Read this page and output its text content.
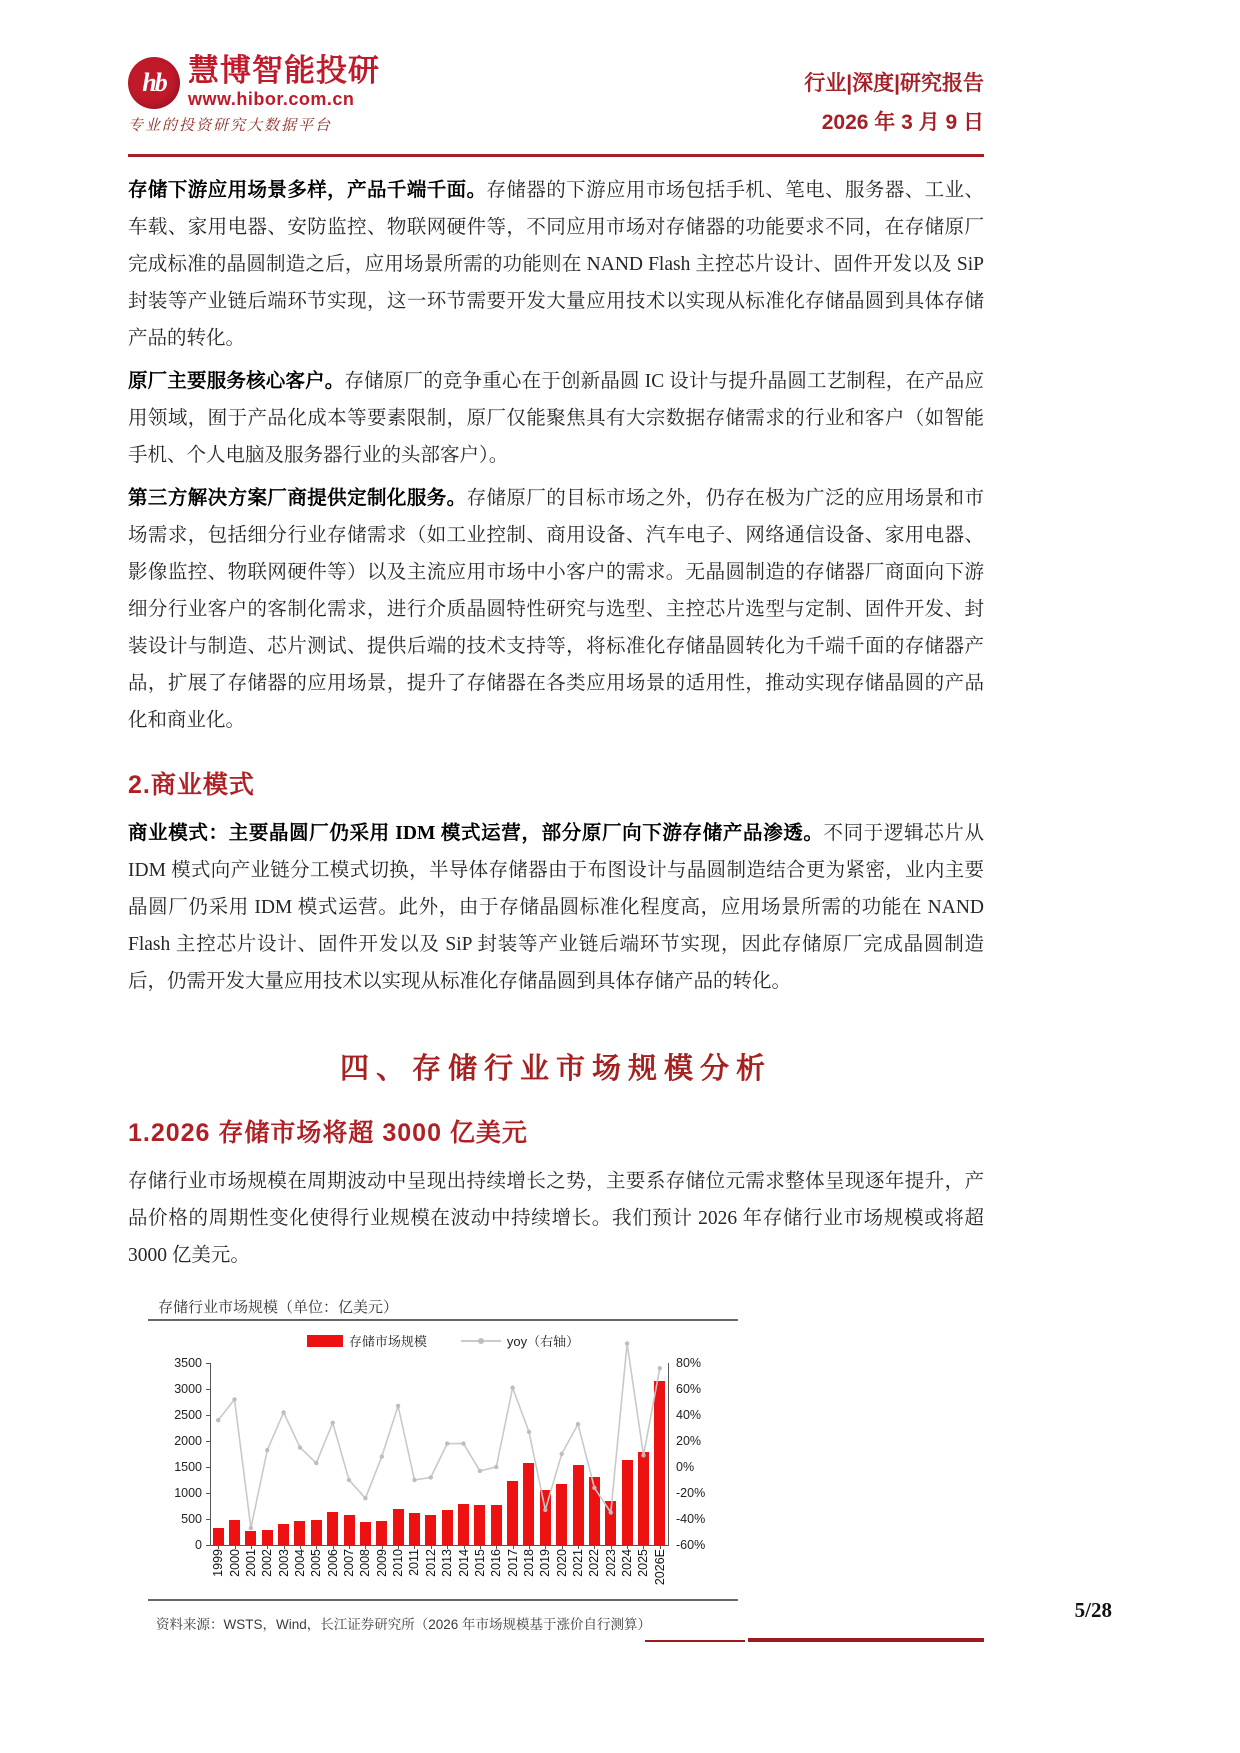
hb
慧博智能投研
www.hibor.com.cn
专业的投资研究大数据平台
行业|深度|研究报告
2026 年 3 月 9 日

存储下游应用场景多样，产品千端千面。存储器的下游应用市场包括手机、笔电、服务器、工业、车载、家用电器、安防监控、物联网硬件等，不同应用市场对存储器的功能要求不同，在存储原厂完成标准的晶圆制造之后，应用场景所需的功能则在 NAND Flash 主控芯片设计、固件开发以及 SiP 封装等产业链后端环节实现，这一环节需要开发大量应用技术以实现从标准化存储晶圆到具体存储产品的转化。

原厂主要服务核心客户。存储原厂的竞争重心在于创新晶圆 IC 设计与提升晶圆工艺制程，在产品应用领域，囿于产品化成本等要素限制，原厂仅能聚焦具有大宗数据存储需求的行业和客户（如智能手机、个人电脑及服务器行业的头部客户）。

第三方解决方案厂商提供定制化服务。存储原厂的目标市场之外，仍存在极为广泛的应用场景和市场需求，包括细分行业存储需求（如工业控制、商用设备、汽车电子、网络通信设备、家用电器、影像监控、物联网硬件等）以及主流应用市场中小客户的需求。无晶圆制造的存储器厂商面向下游细分行业客户的客制化需求，进行介质晶圆特性研究与选型、主控芯片选型与定制、固件开发、封装设计与制造、芯片测试、提供后端的技术支持等，将标准化存储晶圆转化为千端千面的存储器产品，扩展了存储器的应用场景，提升了存储器在各类应用场景的适用性，推动实现存储晶圆的产品化和商业化。

2.商业模式

商业模式：主要晶圆厂仍采用 IDM 模式运营，部分原厂向下游存储产品渗透。不同于逻辑芯片从 IDM 模式向产业链分工模式切换，半导体存储器由于布图设计与晶圆制造结合更为紧密，业内主要晶圆厂仍采用 IDM 模式运营。此外，由于存储晶圆标准化程度高，应用场景所需的功能在 NAND Flash 主控芯片设计、固件开发以及 SiP 封装等产业链后端环节实现，因此存储原厂完成晶圆制造后，仍需开发大量应用技术以实现从标准化存储晶圆到具体存储产品的转化。

四、存储行业市场规模分析
1.2026 存储市场将超 3000 亿美元

存储行业市场规模在周期波动中呈现出持续增长之势，主要系存储位元需求整体呈现逐年提升，产品价格的周期性变化使得行业规模在波动中持续增长。我们预计 2026 年存储行业市场规模或将超 3000 亿美元。

存储行业市场规模（单位：亿美元）
存储市场规模	yoy（右轴）
0
500
1000
1500
2000
2500
3000
3500
-60%
-40%
-20%
0%
20%
40%
60%
80%
1999 2000 2001 2002 2003 2004 2005 2006 2007 2008 2009 2010 2011 2012 2013 2014 2015 2016 2017 2018 2019 2020 2021 2022 2023 2024 2025 2026E
资料来源：WSTS，Wind，长江证券研究所（2026 年市场规模基于涨价自行测算）
5/28
